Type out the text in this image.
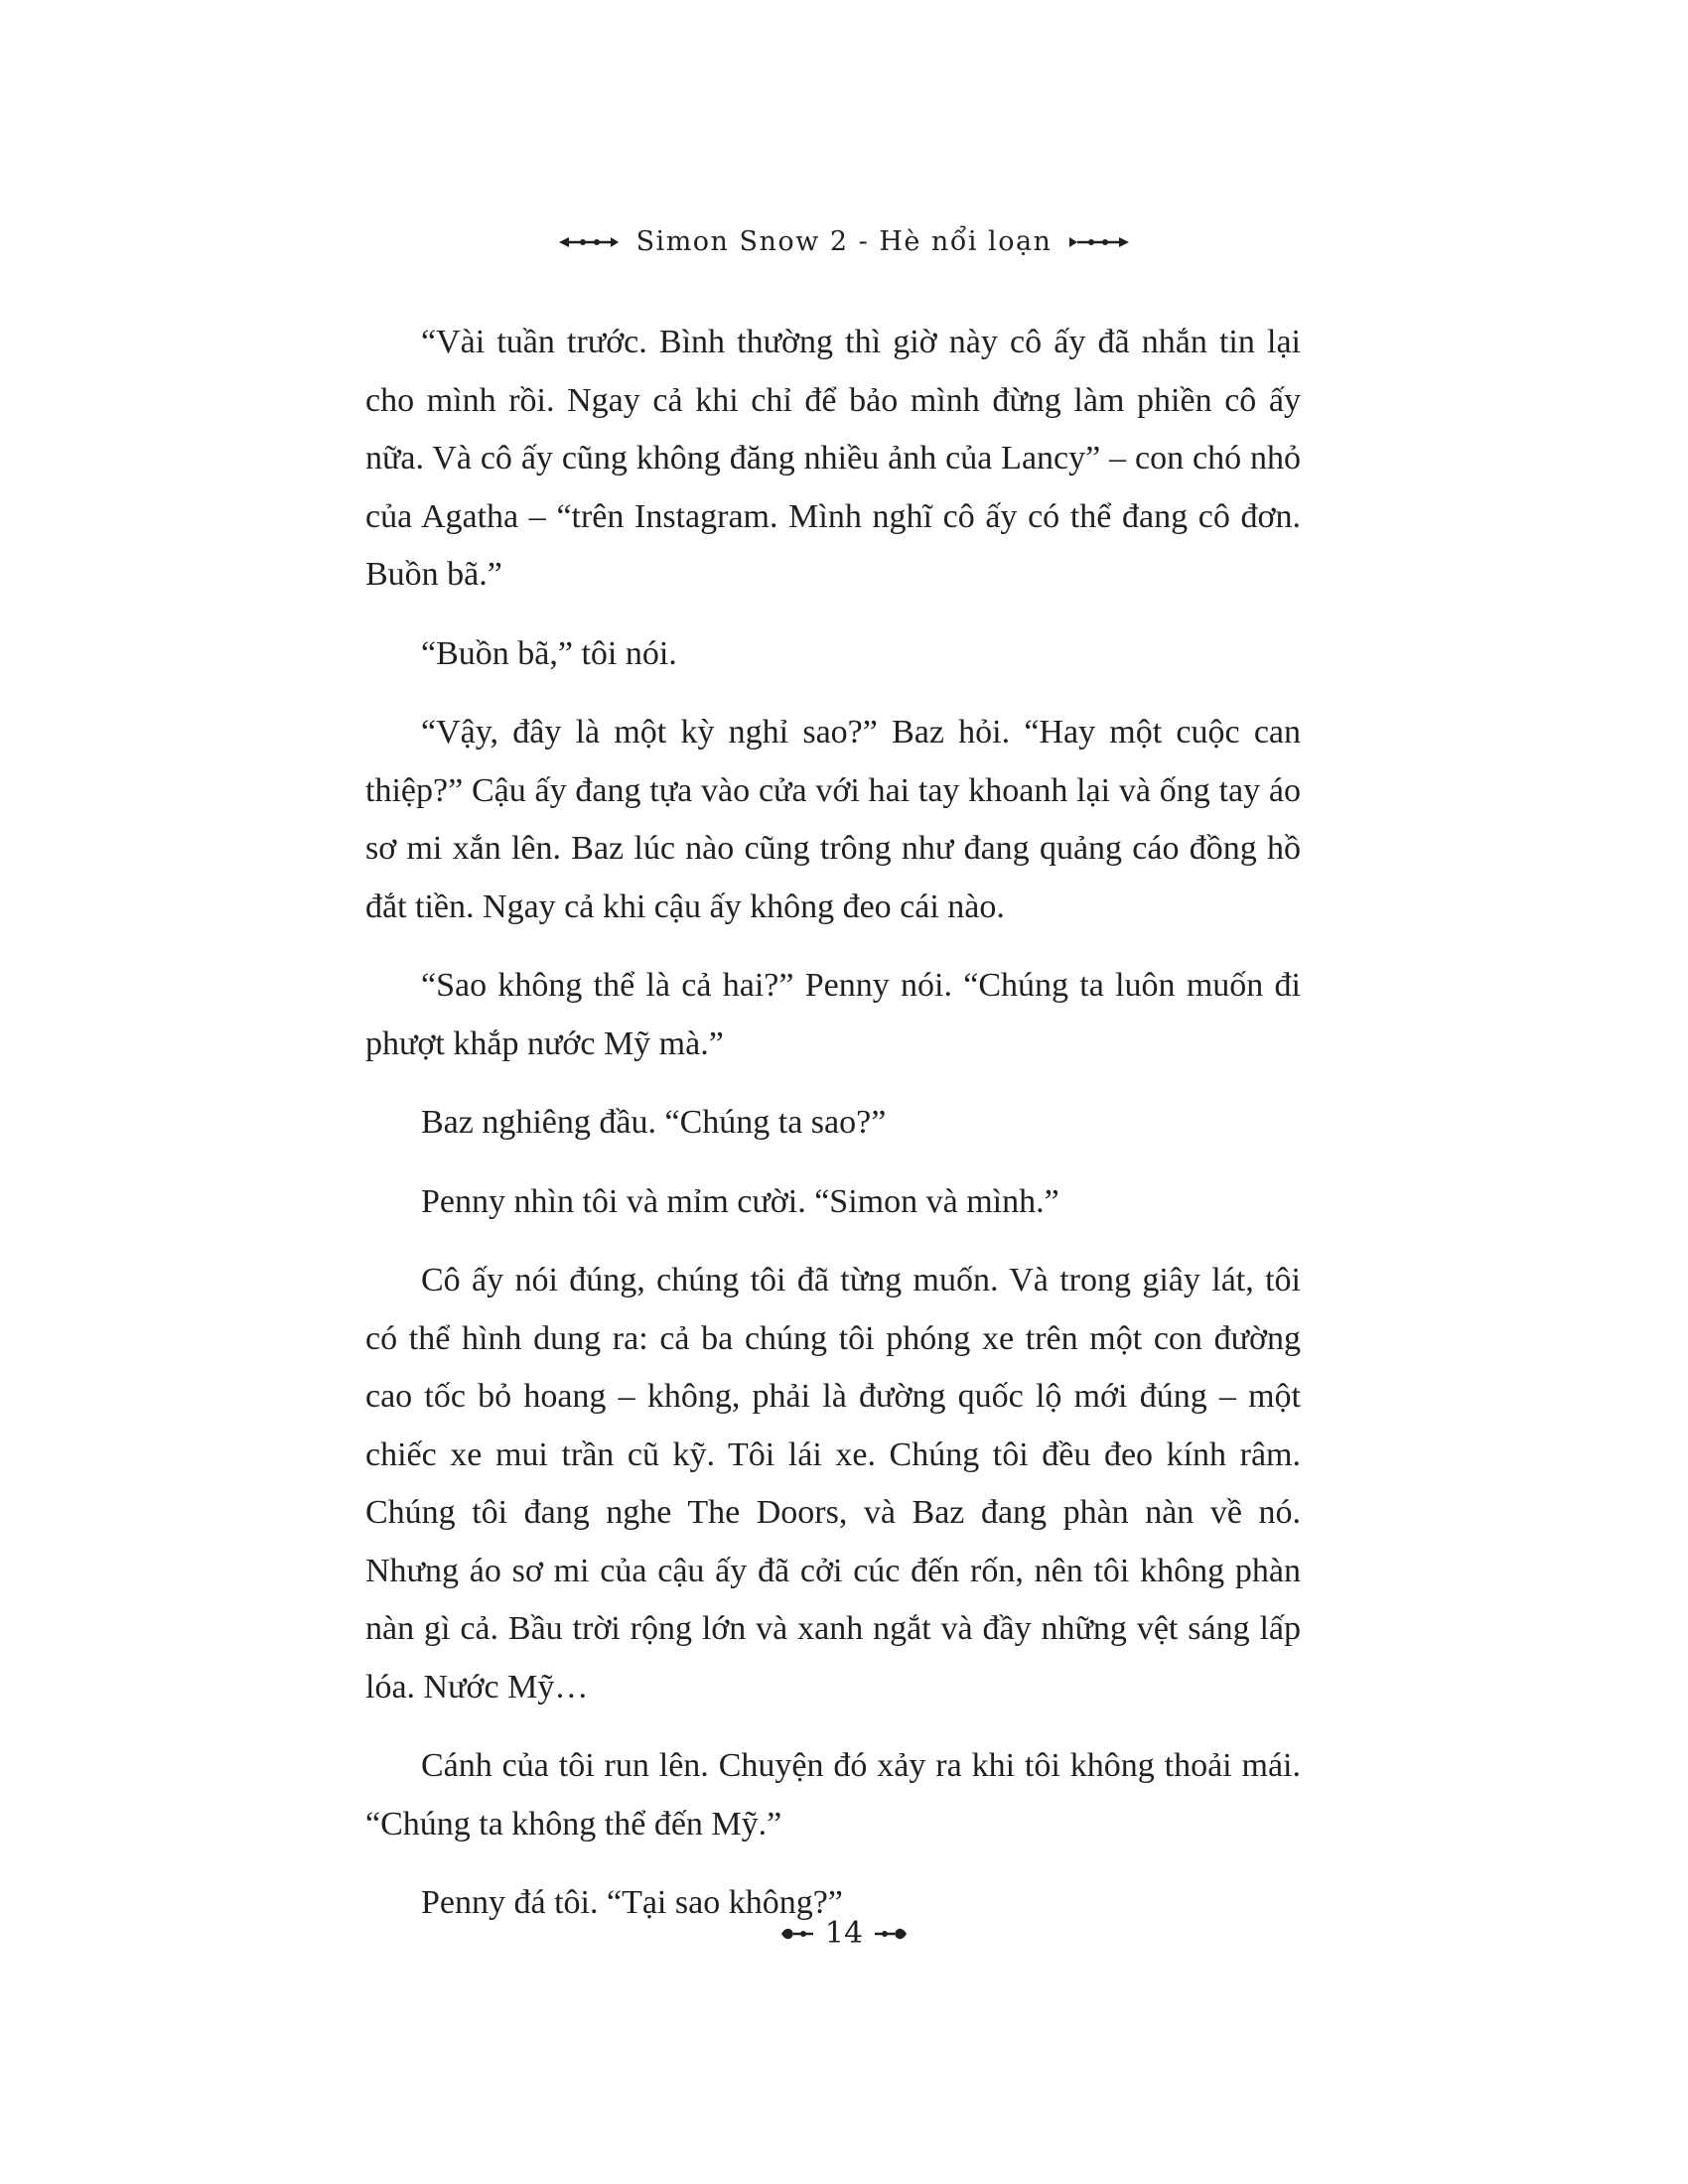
Simon Snow 2 - Hè nổi loạn

“Vài tuần trước. Bình thường thì giờ này cô ấy đã nhắn tin lại cho mình rồi. Ngay cả khi chỉ để bảo mình đừng làm phiền cô ấy nữa. Và cô ấy cũng không đăng nhiều ảnh của Lancy” – con chó nhỏ của Agatha – “trên Instagram. Mình nghĩ cô ấy có thể đang cô đơn. Buồn bã.”

“Buồn bã,” tôi nói.

“Vậy, đây là một kỳ nghỉ sao?” Baz hỏi. “Hay một cuộc can thiệp?” Cậu ấy đang tựa vào cửa với hai tay khoanh lại và ống tay áo sơ mi xắn lên. Baz lúc nào cũng trông như đang quảng cáo đồng hồ đắt tiền. Ngay cả khi cậu ấy không đeo cái nào.

“Sao không thể là cả hai?” Penny nói. “Chúng ta luôn muốn đi phượt khắp nước Mỹ mà.”

Baz nghiêng đầu. “Chúng ta sao?”

Penny nhìn tôi và mỉm cười. “Simon và mình.”

Cô ấy nói đúng, chúng tôi đã từng muốn. Và trong giây lát, tôi có thể hình dung ra: cả ba chúng tôi phóng xe trên một con đường cao tốc bỏ hoang – không, phải là đường quốc lộ mới đúng – một chiếc xe mui trần cũ kỹ. Tôi lái xe. Chúng tôi đều đeo kính râm. Chúng tôi đang nghe The Doors, và Baz đang phàn nàn về nó. Nhưng áo sơ mi của cậu ấy đã cởi cúc đến rốn, nên tôi không phàn nàn gì cả. Bầu trời rộng lớn và xanh ngắt và đầy những vệt sáng lấp lóa. Nước Mỹ…

Cánh của tôi run lên. Chuyện đó xảy ra khi tôi không thoải mái. “Chúng ta không thể đến Mỹ.”

Penny đá tôi. “Tại sao không?”

14
